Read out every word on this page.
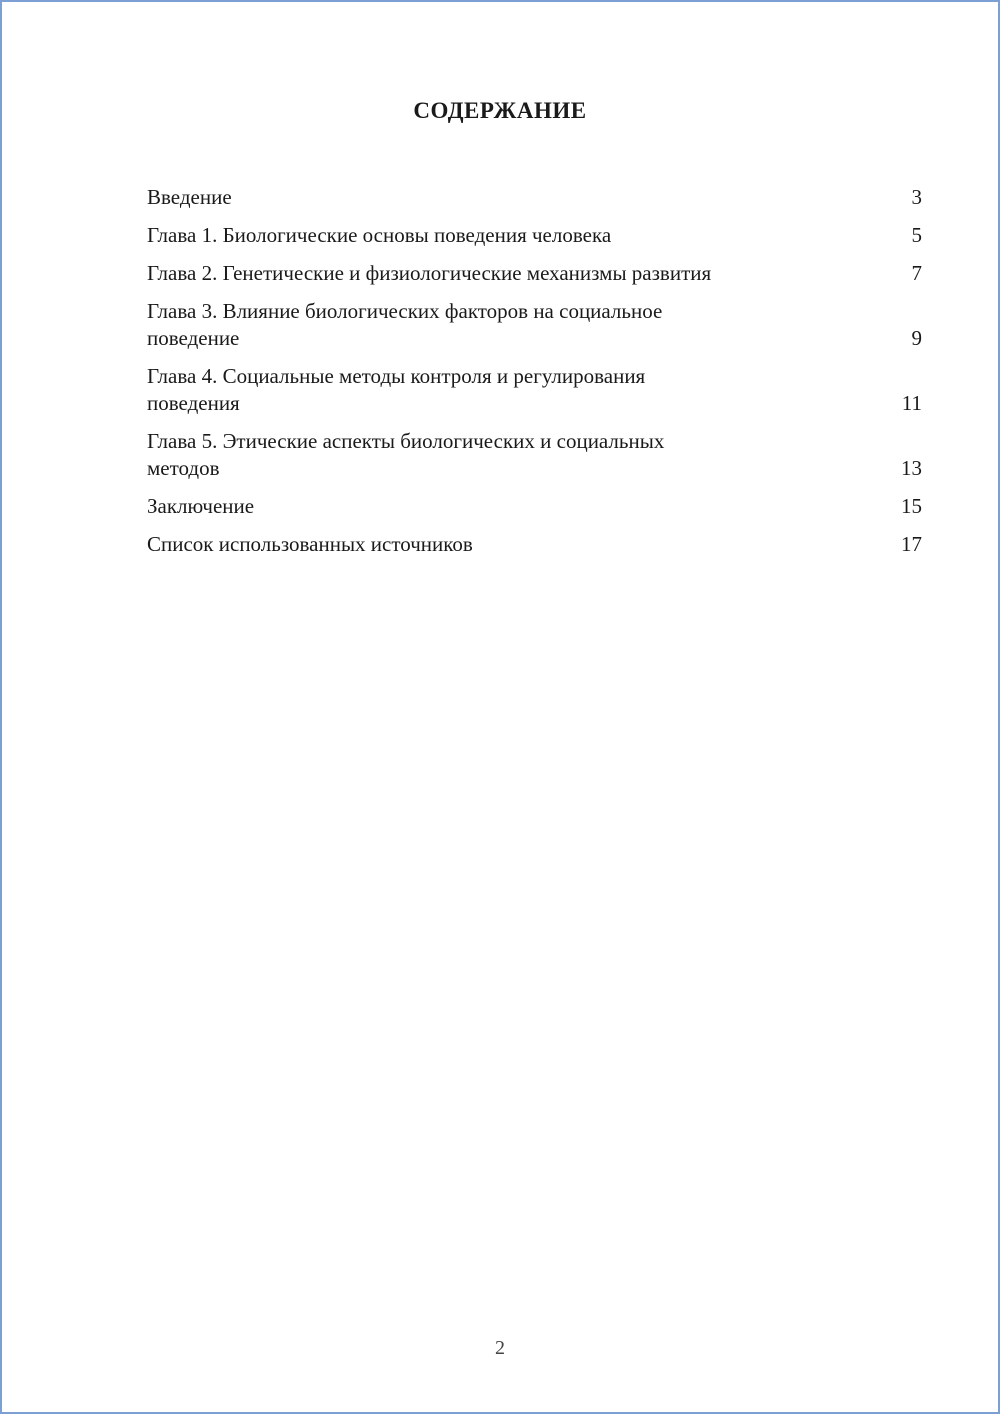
СОДЕРЖАНИЕ
Введение	3
Глава 1. Биологические основы поведения человека	5
Глава 2. Генетические и физиологические механизмы развития	7
Глава 3. Влияние биологических факторов на социальное
поведение	9
Глава 4. Социальные методы контроля и регулирования
поведения	11
Глава 5. Этические аспекты биологических и социальных
методов	13
Заключение	15
Список использованных источников	17
2
